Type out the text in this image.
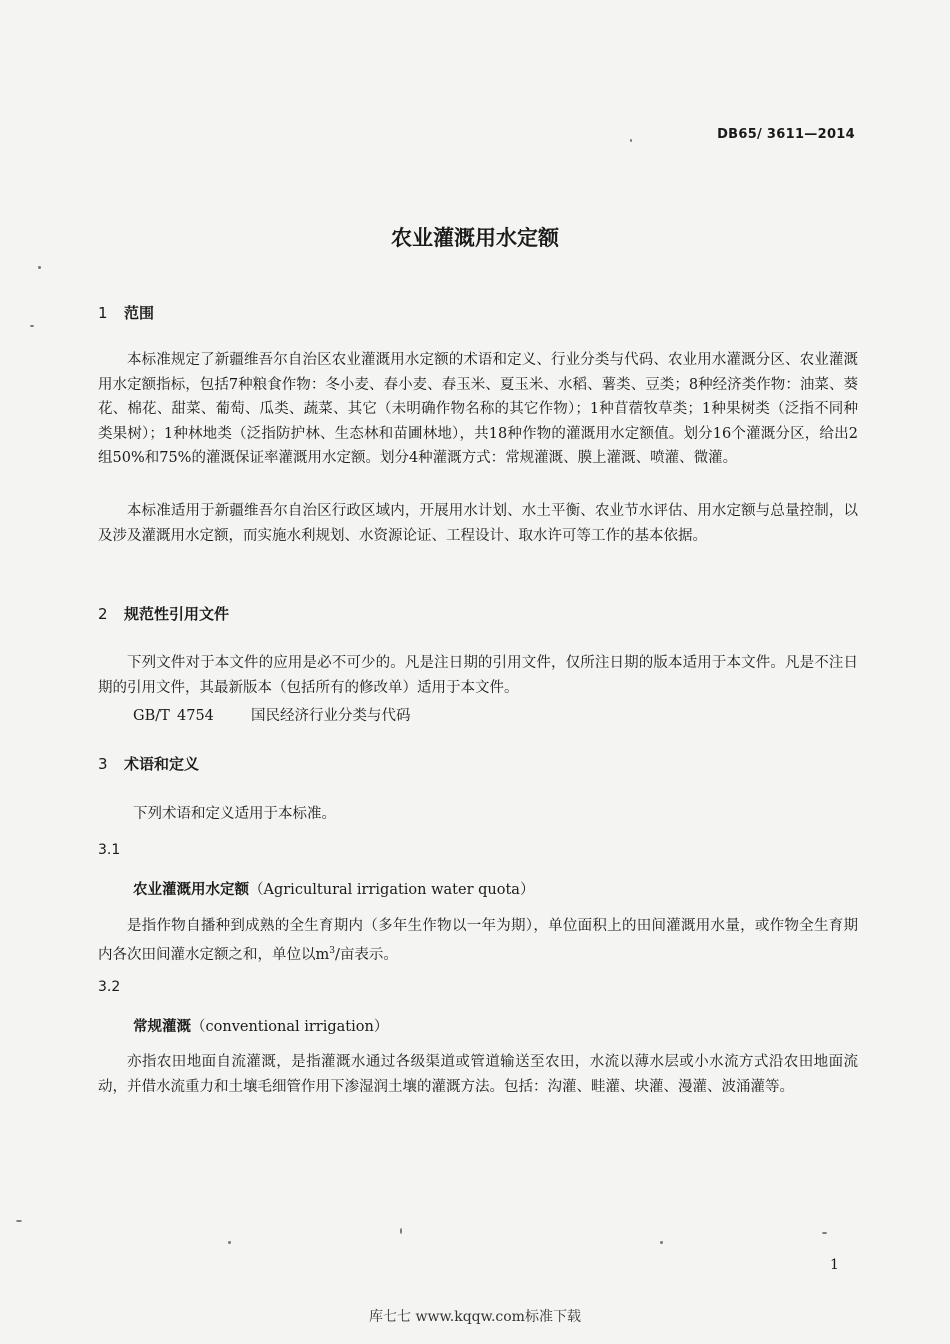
DB65/ 3611—2014
农业灌溉用水定额
1 范围

本标准规定了新疆维吾尔自治区农业灌溉用水定额的术语和定义、行业分类与代码、农业用水灌溉分区、农业灌溉用水定额指标，包括7种粮食作物：冬小麦、春小麦、春玉米、夏玉米、水稻、薯类、豆类；8种经济类作物：油菜、葵花、棉花、甜菜、葡萄、瓜类、蔬菜、其它（未明确作物名称的其它作物）；1种苜蓿牧草类；1种果树类（泛指不同种类果树）；1种林地类（泛指防护林、生态林和苗圃林地），共18种作物的灌溉用水定额值。划分16个灌溉分区，给出2组50%和75%的灌溉保证率灌溉用水定额。划分4种灌溉方式：常规灌溉、膜上灌溉、喷灌、微灌。

本标准适用于新疆维吾尔自治区行政区域内，开展用水计划、水土平衡、农业节水评估、用水定额与总量控制，以及涉及灌溉用水定额，而实施水利规划、水资源论证、工程设计、取水许可等工作的基本依据。

2 规范性引用文件

下列文件对于本文件的应用是必不可少的。凡是注日期的引用文件，仅所注日期的版本适用于本文件。凡是不注日期的引用文件，其最新版本（包括所有的修改单）适用于本文件。

GB/T 4754	国民经济行业分类与代码
3 术语和定义
下列术语和定义适用于本标准。
3.1
农业灌溉用水定额（Agricultural irrigation water quota）

是指作物自播种到成熟的全生育期内（多年生作物以一年为期），单位面积上的田间灌溉用水量，或作物全生育期内各次田间灌水定额之和，单位以$m^3/$亩表示。

3.2
常规灌溉（conventional irrigation）

亦指农田地面自流灌溉，是指灌溉水通过各级渠道或管道输送至农田，水流以薄水层或小水流方式沿农田地面流动，并借水流重力和土壤毛细管作用下渗湿润土壤的灌溉方法。包括：沟灌、畦灌、块灌、漫灌、波涌灌等。

1
库七七 www.kqqw.com标准下载
